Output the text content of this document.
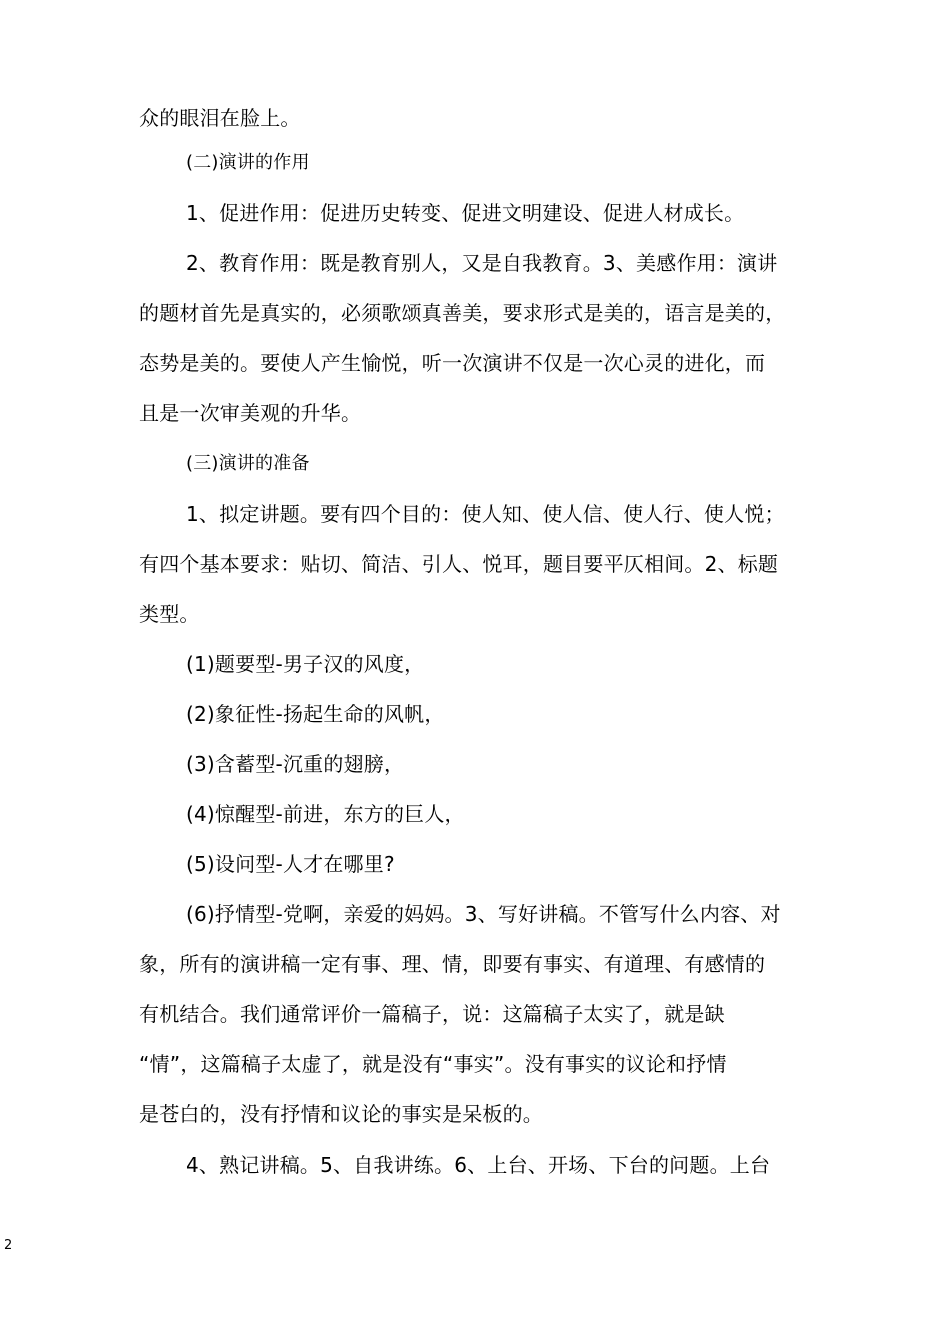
众的眼泪在脸上。
(二)演讲的作用
1、促进作用：促进历史转变、促进文明建设、促进人材成长。
2、教育作用：既是教育别人，又是自我教育。3、美感作用：演讲
的题材首先是真实的，必须歌颂真善美，要求形式是美的，语言是美的，
态势是美的。要使人产生愉悦，听一次演讲不仅是一次心灵的进化，而
且是一次审美观的升华。
(三)演讲的准备
1、拟定讲题。要有四个目的：使人知、使人信、使人行、使人悦；
有四个基本要求：贴切、简洁、引人、悦耳，题目要平仄相间。2、标题
类型。
(1)题要型-男子汉的风度，
(2)象征性-扬起生命的风帆，
(3)含蓄型-沉重的翅膀，
(4)惊醒型-前进，东方的巨人，
(5)设问型-人才在哪里?
(6)抒情型-党啊，亲爱的妈妈。3、写好讲稿。不管写什么内容、对
象，所有的演讲稿一定有事、理、情，即要有事实、有道理、有感情的
有机结合。我们通常评价一篇稿子，说：这篇稿子太实了，就是缺
“情”，这篇稿子太虚了，就是没有“事实”。没有事实的议论和抒情
是苍白的，没有抒情和议论的事实是呆板的。
4、熟记讲稿。5、自我讲练。6、上台、开场、下台的问题。上台
2
